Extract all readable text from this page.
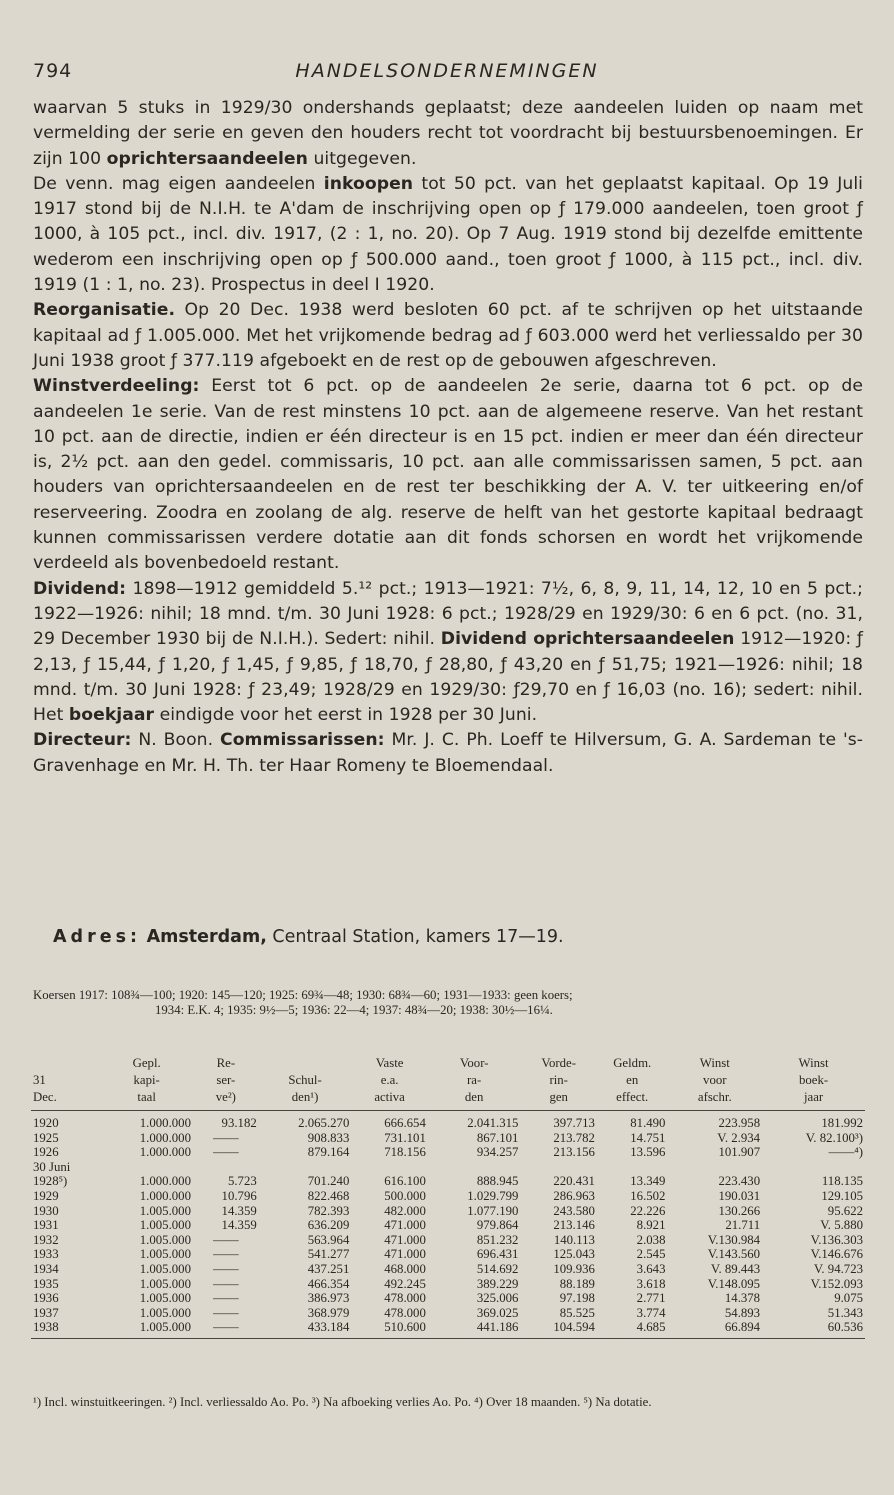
794	HANDELSONDERNEMINGEN

waarvan 5 stuks in 1929/30 ondershands geplaatst; deze aandeelen luiden op naam met vermelding der serie en geven den houders recht tot voordracht bij bestuursbenoemingen. Er zijn 100 oprichtersaandeelen uitgegeven.

De venn. mag eigen aandeelen inkoopen tot 50 pct. van het geplaatst kapitaal. Op 19 Juli 1917 stond bij de N.I.H. te A'dam de inschrijving open op ƒ 179.000 aandeelen, toen groot ƒ 1000, à 105 pct., incl. div. 1917, (2 : 1, no. 20). Op 7 Aug. 1919 stond bij dezelfde emittente wederom een inschrijving open op ƒ 500.000 aand., toen groot ƒ 1000, à 115 pct., incl. div. 1919 (1 : 1, no. 23). Prospectus in deel I 1920.

Reorganisatie. Op 20 Dec. 1938 werd besloten 60 pct. af te schrijven op het uitstaande kapitaal ad ƒ 1.005.000. Met het vrijkomende bedrag ad ƒ 603.000 werd het verliessaldo per 30 Juni 1938 groot ƒ 377.119 afgeboekt en de rest op de gebouwen afgeschreven.

Winstverdeeling: Eerst tot 6 pct. op de aandeelen 2e serie, daarna tot 6 pct. op de aandeelen 1e serie. Van de rest minstens 10 pct. aan de algemeene reserve. Van het restant 10 pct. aan de directie, indien er één directeur is en 15 pct. indien er meer dan één directeur is, 2½ pct. aan den gedel. commissaris, 10 pct. aan alle commissarissen samen, 5 pct. aan houders van oprichtersaandeelen en de rest ter beschikking der A. V. ter uitkeering en/of reserveering. Zoodra en zoolang de alg. reserve de helft van het gestorte kapitaal bedraagt kunnen commissarissen verdere dotatie aan dit fonds schorsen en wordt het vrijkomende verdeeld als bovenbedoeld restant.

Dividend: 1898—1912 gemiddeld 5.¹² pct.; 1913—1921: 7½, 6, 8, 9, 11, 14, 12, 10 en 5 pct.; 1922—1926: nihil; 18 mnd. t/m. 30 Juni 1928: 6 pct.; 1928/29 en 1929/30: 6 en 6 pct. (no. 31, 29 December 1930 bij de N.I.H.). Sedert: nihil. Dividend oprichtersaandeelen 1912—1920: ƒ 2,13, ƒ 15,44, ƒ 1,20, ƒ 1,45, ƒ 9,85, ƒ 18,70, ƒ 28,80, ƒ 43,20 en ƒ 51,75; 1921—1926: nihil; 18 mnd. t/m. 30 Juni 1928: ƒ 23,49; 1928/29 en 1929/30: ƒ29,70 en ƒ 16,03 (no. 16); sedert: nihil. Het boekjaar eindigde voor het eerst in 1928 per 30 Juni.

Directeur: N. Boon. Commissarissen: Mr. J. C. Ph. Loeff te Hilversum, G. A. Sardeman te 's-Gravenhage en Mr. H. Th. ter Haar Romeny te Bloemendaal.

Adres: Amsterdam, Centraal Station, kamers 17—19.
Koersen 1917: 108¾—100; 1920: 145—120; 1925: 69¾—48; 1930: 68¾—60; 1931—1933: geen koers;
1934: E.K. 4; 1935: 9½—5; 1936: 22—4; 1937: 48¾—20; 1938: 30½—16¼.
	Gepl.	Re-		Vaste	Voor-	Vorde-	Geldm.	Winst	Winst
31	kapi-	ser-	Schul-	e.a.	ra-	rin-	en	voor	boek-
Dec.	taal	ve²)	den¹)	activa	den	gen	effect.	afschr.	jaar
1920	1.000.000	93.182	2.065.270	666.654	2.041.315	397.713	81.490	223.958	181.992
1925	1.000.000	——	908.833	731.101	867.101	213.782	14.751	V. 2.934	V. 82.100³)
1926	1.000.000	——	879.164	718.156	934.257	213.156	13.596	101.907	——⁴)
30 Juni									
1928⁵)	1.000.000	5.723	701.240	616.100	888.945	220.431	13.349	223.430	118.135
1929	1.000.000	10.796	822.468	500.000	1.029.799	286.963	16.502	190.031	129.105
1930	1.005.000	14.359	782.393	482.000	1.077.190	243.580	22.226	130.266	95.622
1931	1.005.000	14.359	636.209	471.000	979.864	213.146	8.921	21.711	V. 5.880
1932	1.005.000	——	563.964	471.000	851.232	140.113	2.038	V.130.984	V.136.303
1933	1.005.000	——	541.277	471.000	696.431	125.043	2.545	V.143.560	V.146.676
1934	1.005.000	——	437.251	468.000	514.692	109.936	3.643	V. 89.443	V. 94.723
1935	1.005.000	——	466.354	492.245	389.229	88.189	3.618	V.148.095	V.152.093
1936	1.005.000	——	386.973	478.000	325.006	97.198	2.771	14.378	9.075
1937	1.005.000	——	368.979	478.000	369.025	85.525	3.774	54.893	51.343
1938	1.005.000	——	433.184	510.600	441.186	104.594	4.685	66.894	60.536
¹) Incl. winstuitkeeringen. ²) Incl. verliessaldo Ao. Po. ³) Na afboeking verlies Ao. Po. ⁴) Over 18 maanden. ⁵) Na dotatie.
